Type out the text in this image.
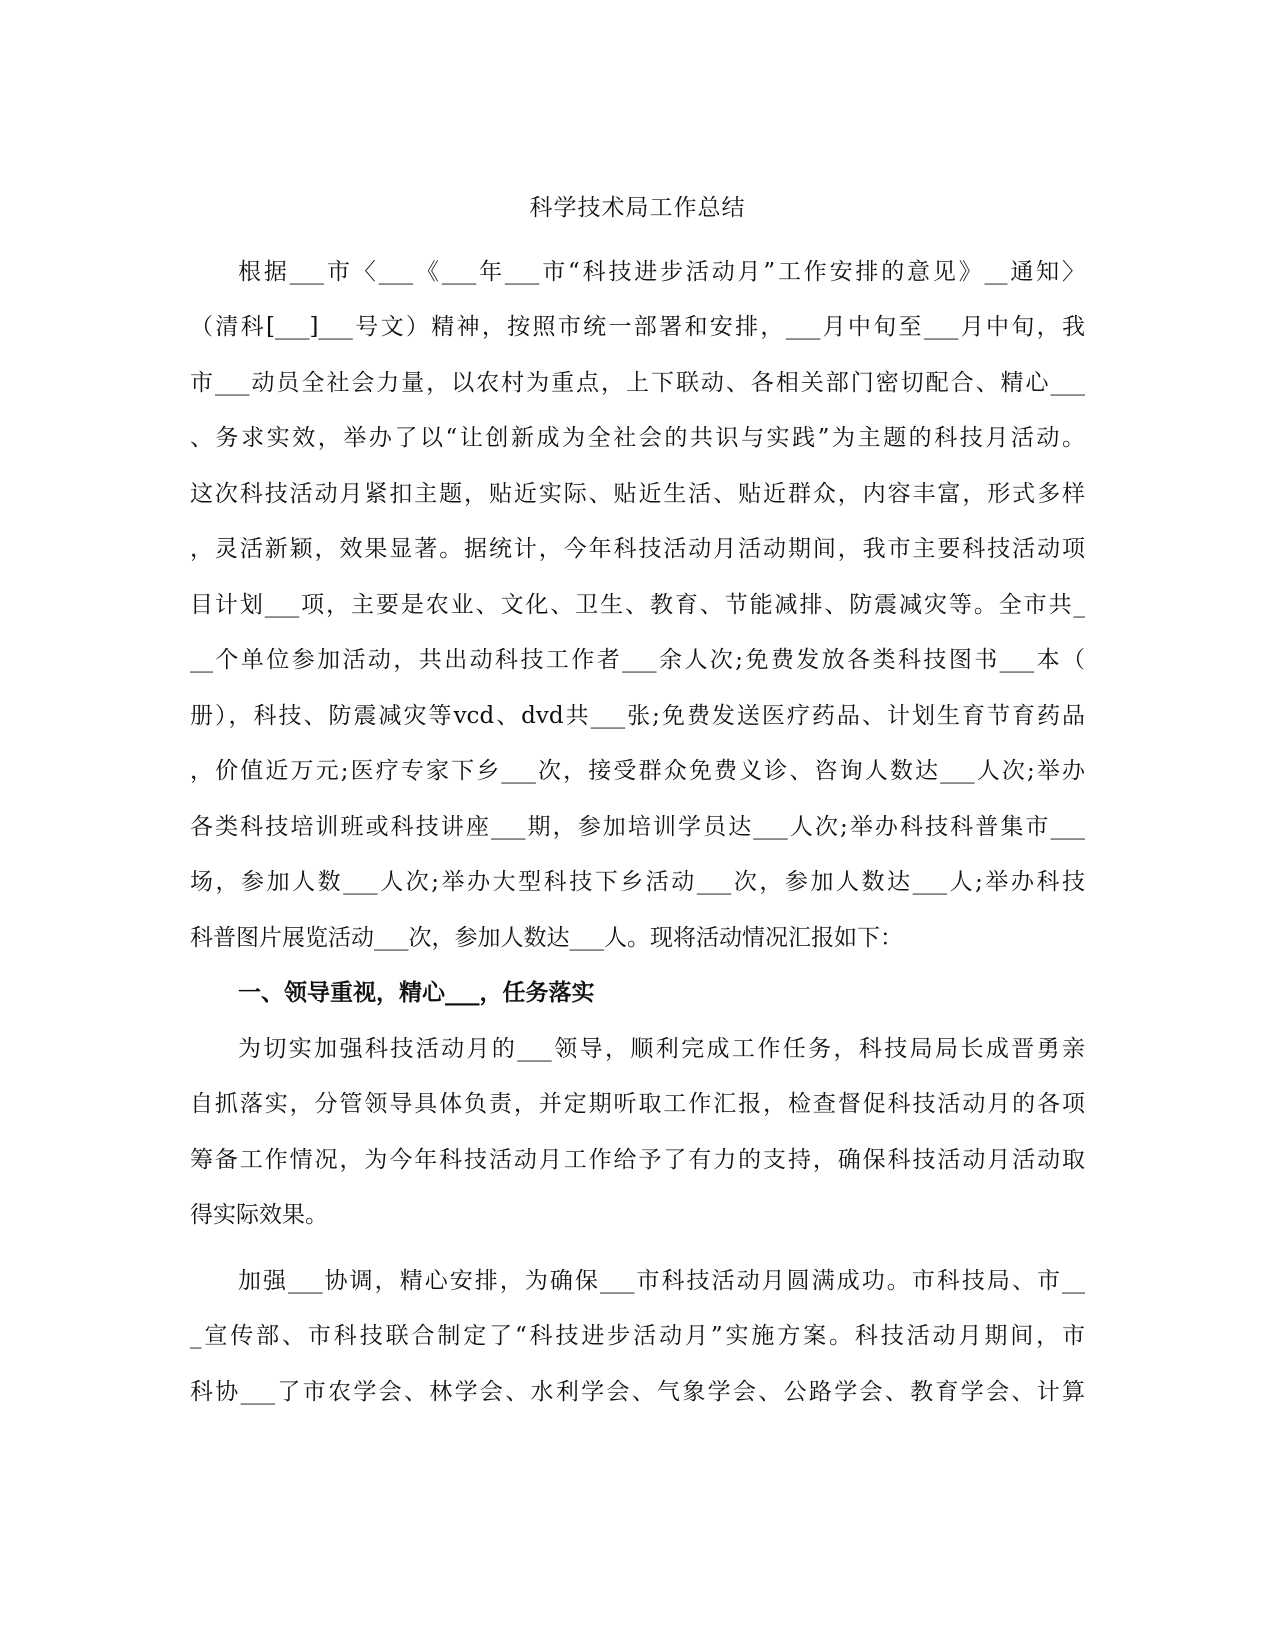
科学技术局工作总结
根据___市〈___《___年___市“科技进步活动月”工作安排的意见》__通知〉
（清科[___]___号文）精神，按照市统一部署和安排，___月中旬至___月中旬，我
市___动员全社会力量，以农村为重点，上下联动、各相关部门密切配合、精心___
、务求实效，举办了以“让创新成为全社会的共识与实践”为主题的科技月活动。
这次科技活动月紧扣主题，贴近实际、贴近生活、贴近群众，内容丰富，形式多样
，灵活新颖，效果显著。据统计，今年科技活动月活动期间，我市主要科技活动项
目计划___项，主要是农业、文化、卫生、教育、节能减排、防震减灾等。全市共_
__个单位参加活动，共出动科技工作者___余人次;免费发放各类科技图书___本（
册），科技、防震减灾等vcd、dvd共___张;免费发送医疗药品、计划生育节育药品
，价值近万元;医疗专家下乡___次，接受群众免费义诊、咨询人数达___人次;举办
各类科技培训班或科技讲座___期，参加培训学员达___人次;举办科技科普集市___
场，参加人数___人次;举办大型科技下乡活动___次，参加人数达___人;举办科技
科普图片展览活动___次，参加人数达___人。现将活动情况汇报如下：
一、领导重视，精心___，任务落实
为切实加强科技活动月的___领导，顺利完成工作任务，科技局局长成晋勇亲
自抓落实，分管领导具体负责，并定期听取工作汇报，检查督促科技活动月的各项
筹备工作情况，为今年科技活动月工作给予了有力的支持，确保科技活动月活动取
得实际效果。
加强___协调，精心安排，为确保___市科技活动月圆满成功。市科技局、市__
_宣传部、市科技联合制定了“科技进步活动月”实施方案。科技活动月期间，市
科协___了市农学会、林学会、水利学会、气象学会、公路学会、教育学会、计算
